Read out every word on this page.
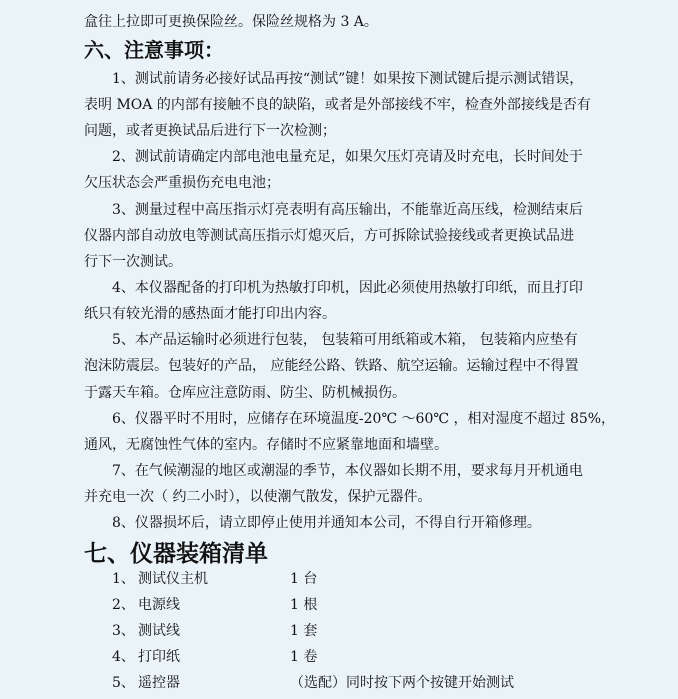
盒往上拉即可更换保险丝。保险丝规格为 3 A。
六、注意事项：
1、测试前请务必接好试品再按“测试”键！如果按下测试键后提示测试错误，
表明 MOA 的内部有接触不良的缺陷，或者是外部接线不牢，检查外部接线是否有
问题，或者更换试品后进行下一次检测；
2、测试前请确定内部电池电量充足，如果欠压灯亮请及时充电，长时间处于
欠压状态会严重损伤充电电池；
3、测量过程中高压指示灯亮表明有高压输出，不能靠近高压线，检测结束后
仪器内部自动放电等测试高压指示灯熄灭后，方可拆除试验接线或者更换试品进
行下一次测试。
4、本仪器配备的打印机为热敏打印机，因此必须使用热敏打印纸，而且打印
纸只有较光滑的感热面才能打印出内容。
5、本产品运输时必须进行包装， 包装箱可用纸箱或木箱， 包装箱内应垫有
泡沫防震层。包装好的产品， 应能经公路、铁路、航空运输。运输过程中不得置
于露天车箱。仓库应注意防雨、防尘、防机械损伤。
6、仪器平时不用时，应储存在环境温度-20℃ ～60℃ ，相对湿度不超过 85%，
通风，无腐蚀性气体的室内。存储时不应紧靠地面和墙壁。
7、在气候潮湿的地区或潮湿的季节，本仪器如长期不用，要求每月开机通电
并充电一次（ 约二小时），以使潮气散发，保护元器件。
8、仪器损坏后，请立即停止使用并通知本公司，不得自行开箱修理。
七、仪器装箱清单
1、 测试仪主机	1 台
2、 电源线	1 根
3、 测试线	1 套
4、 打印纸	1 卷
5、 遥控器	（选配）同时按下两个按键开始测试
